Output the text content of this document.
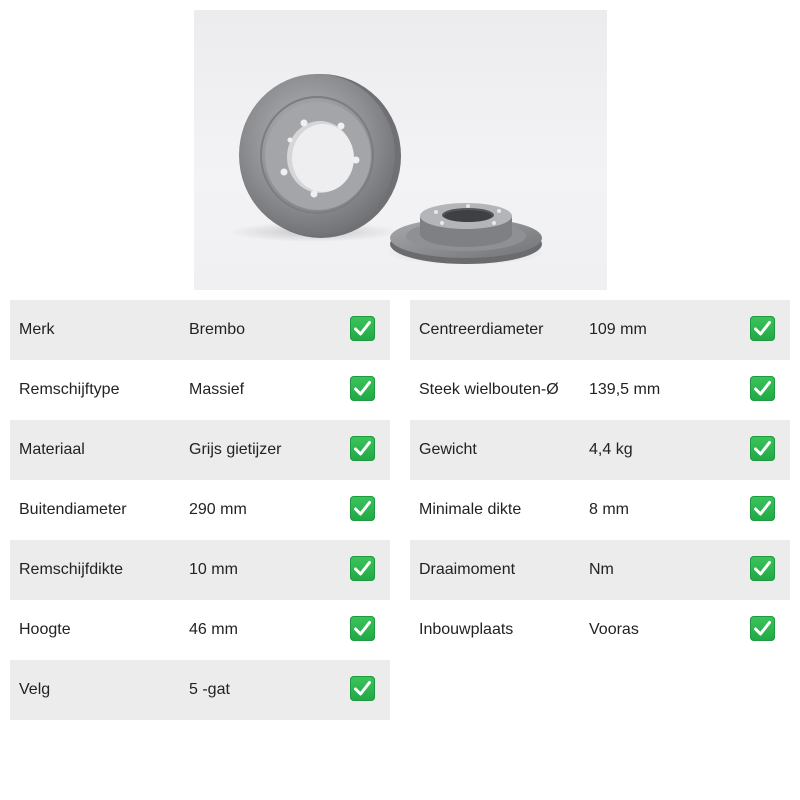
Merk	Brembo
Remschijftype	Massief
Materiaal	Grijs gietijzer
Buitendiameter	290 mm
Remschijfdikte	10 mm
Hoogte	46 mm
Velg	5 -gat
Centreerdiameter	109 mm
Steek wielbouten-Ø 139,5 mm
Gewicht	4,4 kg
Minimale dikte	8 mm
Draaimoment	Nm
Inbouwplaats	Vooras
